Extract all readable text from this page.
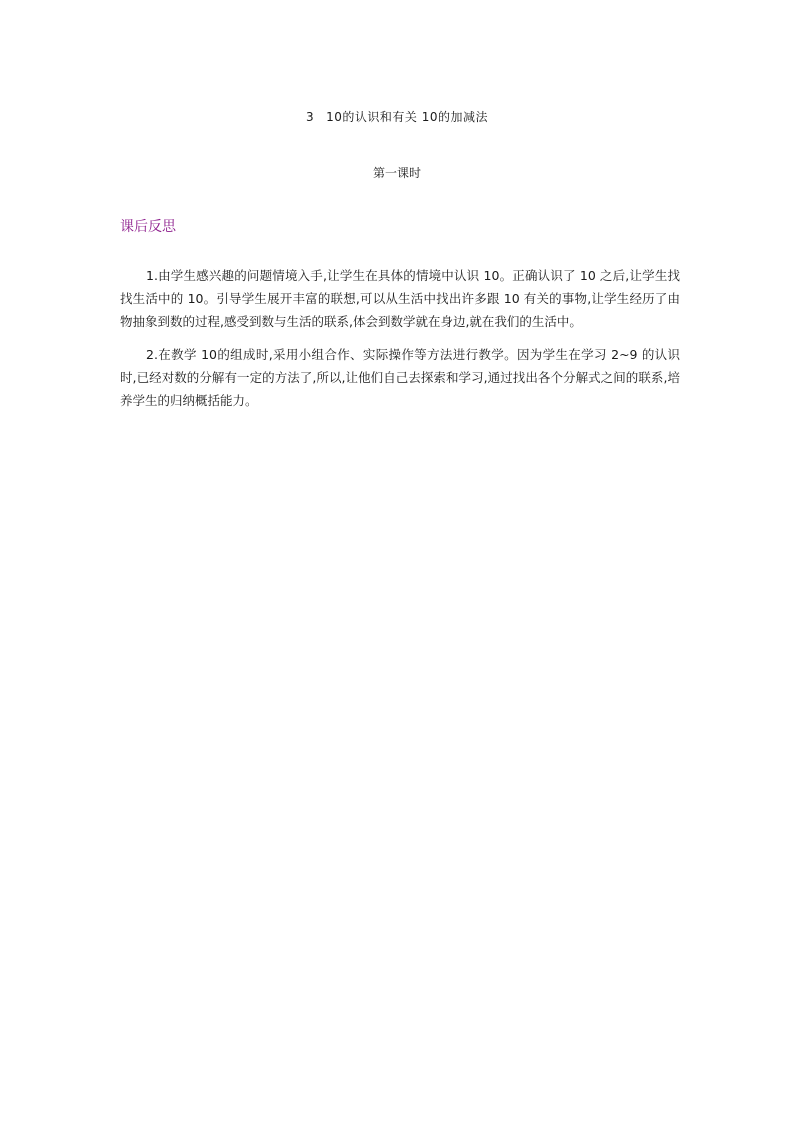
3 10的认识和有关 10的加减法
第一课时
课后反思

1.由学生感兴趣的问题情境入手,让学生在具体的情境中认识 10。正确认识了 10 之后,让学生找找生活中的 10。引导学生展开丰富的联想,可以从生活中找出许多跟 10 有关的事物,让学生经历了由物抽象到数的过程,感受到数与生活的联系,体会到数学就在身边,就在我们的生活中。

2.在教学 10的组成时,采用小组合作、实际操作等方法进行教学。因为学生在学习 2~9 的认识时,已经对数的分解有一定的方法了,所以,让他们自己去探索和学习,通过找出各个分解式之间的联系,培养学生的归纳概括能力。
